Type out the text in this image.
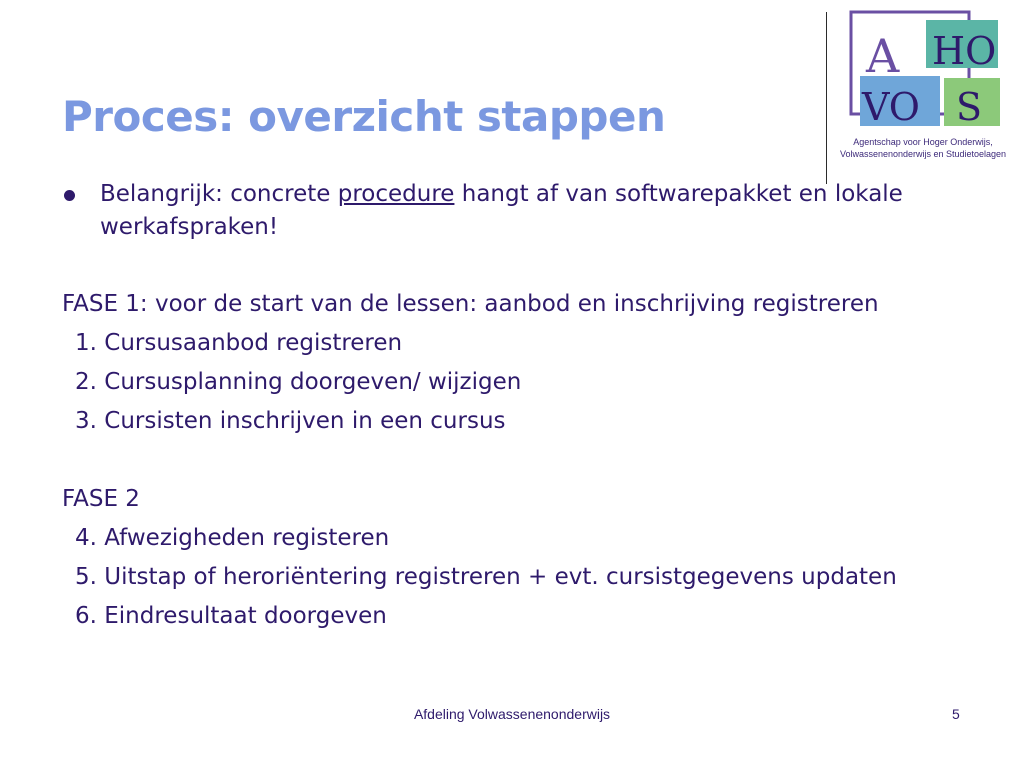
Proces: overzicht stappen
A HO
VO S
Agentschap voor Hoger Onderwijs,
Volwassenenonderwijs en Studietoelagen
Belangrijk: concrete procedure hangt af van softwarepakket en lokale
werkafspraken!
FASE 1: voor de start van de lessen: aanbod en inschrijving registreren
1. Cursusaanbod registreren
2. Cursusplanning doorgeven/ wijzigen
3. Cursisten inschrijven in een cursus
FASE 2
4. Afwezigheden registeren
5. Uitstap of heroriëntering registreren + evt. cursistgegevens updaten
6. Eindresultaat doorgeven
Afdeling Volwassenenonderwijs	5
